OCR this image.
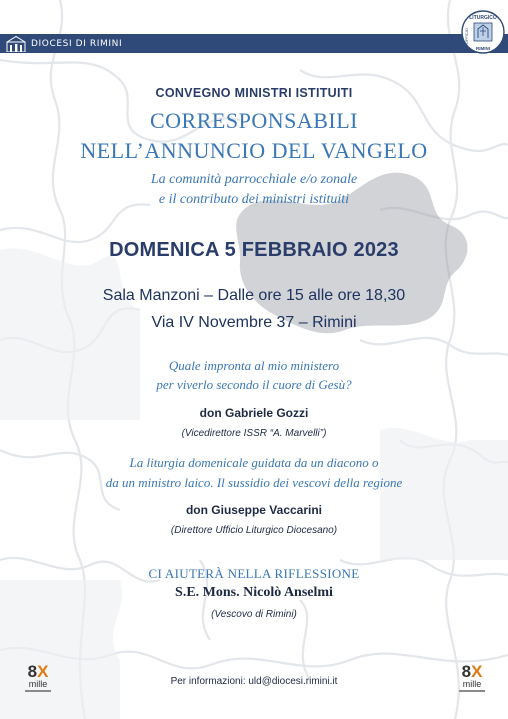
DIOCESI DI RIMINI
LITURGICO
UFFICIO
RIMINI
CONVEGNO MINISTRI ISTITUITI
CORRESPONSABILI
NELL’ANNUNCIO DEL VANGELO
La comunità parrocchiale e/o zonale
e il contributo dei ministri istituiti
DOMENICA 5 FEBBRAIO 2023
Sala Manzoni – Dalle ore 15 alle ore 18,30
Via IV Novembre 37 – Rimini
Quale impronta al mio ministero
per viverlo secondo il cuore di Gesù?
don Gabriele Gozzi
(Vicedirettore ISSR “A. Marvelli”)
La liturgia domenicale guidata da un diacono o
da un ministro laico. Il sussidio dei vescovi della regione
don Giuseppe Vaccarini
(Direttore Ufficio Liturgico Diocesano)
CI AIUTERÀ NELLA RIFLESSIONE
S.E. Mons. Nicolò Anselmi
(Vescovo di Rimini)
Per informazioni: uld@diocesi.rimini.it
8X
mille
8X
mille
